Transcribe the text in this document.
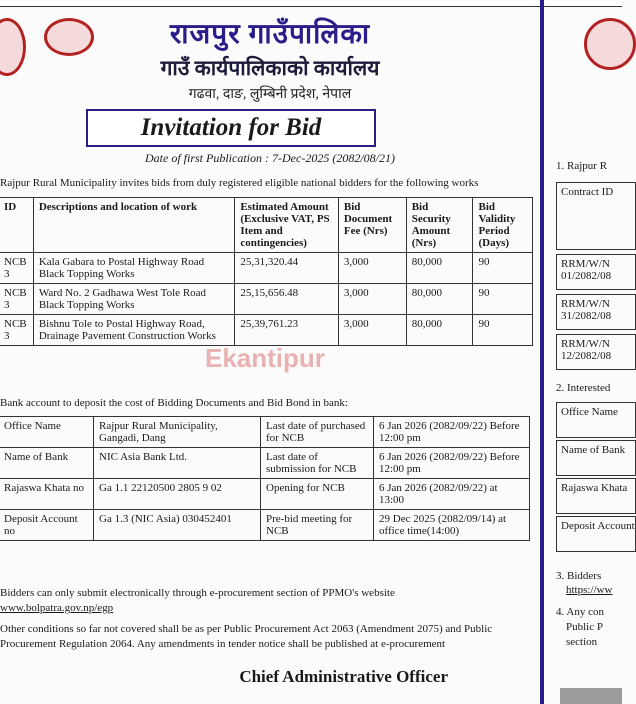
राजपुर गाउँपालिका
गाउँ कार्यपालिकाको कार्यालय
गढवा, दाङ, लुम्बिनी प्रदेश, नेपाल
Invitation for Bid
Date of first Publication : 7-Dec-2025 (2082/08/21)
Rajpur Rural Municipality invites bids from duly registered eligible national bidders for the following works
ID	Descriptions and location of work	Estimated Amount (Exclusive VAT, PS Item and contingencies)	Bid Document Fee (Nrs)	Bid Security Amount (Nrs)	Bid Validity Period (Days)
NCB 3	Kala Gabara to Postal Highway Road Black Topping Works	25,31,320.44	3,000	80,000	90
NCB 3	Ward No. 2 Gadhawa West Tole Road Black Topping Works	25,15,656.48	3,000	80,000	90
NCB 3	Bishnu Tole to Postal Highway Road, Drainage Pavement Construction Works	25,39,761.23	3,000	80,000	90
Ekantipur
Bank account to deposit the cost of Bidding Documents and Bid Bond in bank:
Office Name	Rajpur Rural Municipality, Gangadi, Dang	Last date of purchased for NCB	6 Jan 2026 (2082/09/22) Before 12:00 pm
Name of Bank	NIC Asia Bank Ltd.	Last date of submission for NCB	6 Jan 2026 (2082/09/22) Before 12:00 pm
Rajaswa Khata no	Ga 1.1 22120500 2805 9 02	Opening for NCB	6 Jan 2026 (2082/09/22) at 13:00
Deposit Account no	Ga 1.3 (NIC Asia) 030452401	Pre-bid meeting for NCB	29 Dec 2025 (2082/09/14) at office time(14:00)
Bidders can only submit electronically through e-procurement section of PPMO's website
www.bolpatra.gov.np/egp
Other conditions so far not covered shall be as per Public Procurement Act 2063 (Amendment 2075) and Public Procurement Regulation 2064. Any amendments in tender notice shall be published at e-procurement
Chief Administrative Officer
1. Rajpur R
Contract ID
RRM/W/N 01/2082/08
RRM/W/N 31/2082/08
RRM/W/N 12/2082/08
2. Interested
Office Name
Name of Bank
Rajaswa Khata
Deposit Account
3. Bidders
https://ww
4. Any con
Public P
section
